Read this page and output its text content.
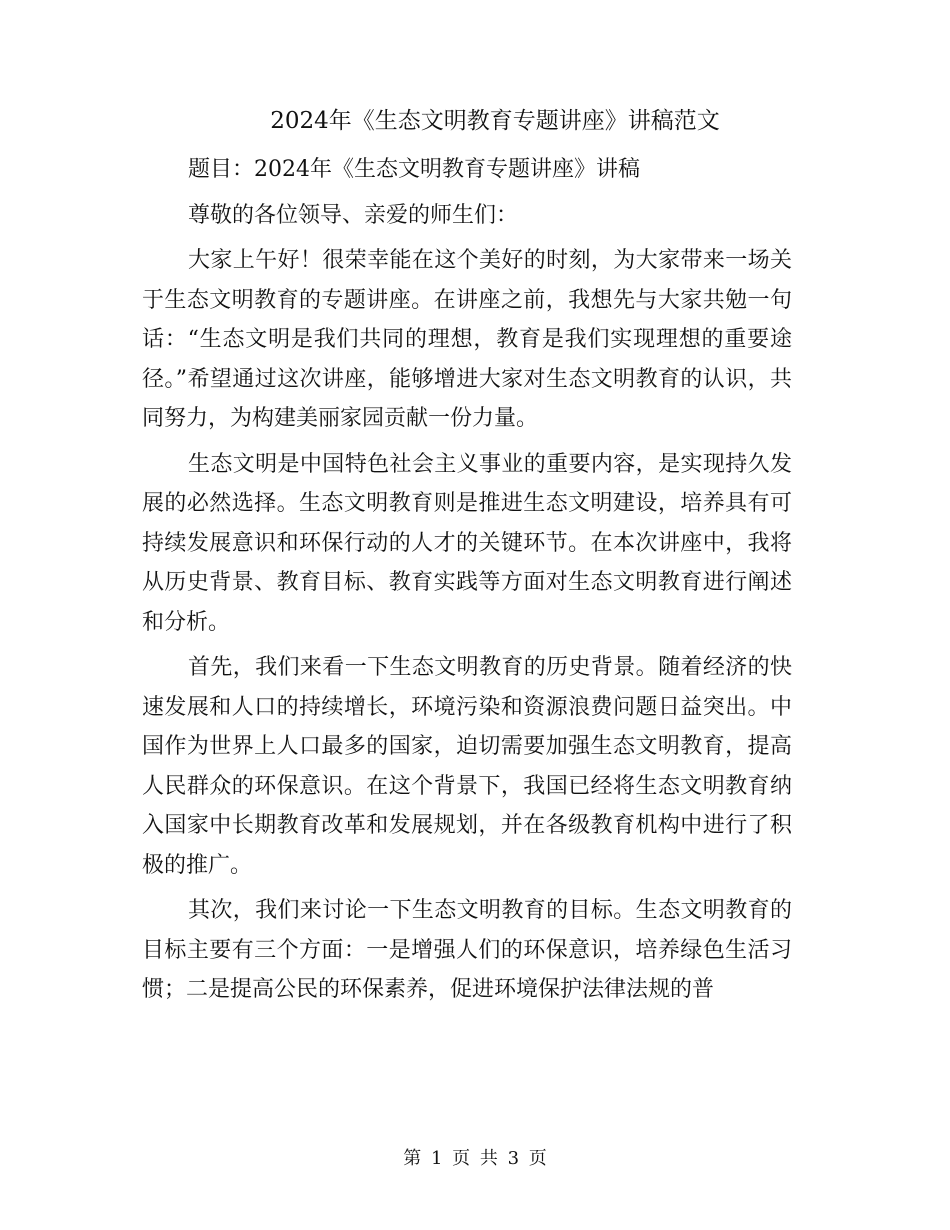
2024年《生态文明教育专题讲座》讲稿范文

题目：2024年《生态文明教育专题讲座》讲稿

尊敬的各位领导、亲爱的师生们：

大家上午好！很荣幸能在这个美好的时刻，为大家带来一场关于生态文明教育的专题讲座。在讲座之前，我想先与大家共勉一句话：“生态文明是我们共同的理想，教育是我们实现理想的重要途径。”希望通过这次讲座，能够增进大家对生态文明教育的认识，共同努力，为构建美丽家园贡献一份力量。

生态文明是中国特色社会主义事业的重要内容，是实现持久发展的必然选择。生态文明教育则是推进生态文明建设，培养具有可持续发展意识和环保行动的人才的关键环节。在本次讲座中，我将从历史背景、教育目标、教育实践等方面对生态文明教育进行阐述和分析。

首先，我们来看一下生态文明教育的历史背景。随着经济的快速发展和人口的持续增长，环境污染和资源浪费问题日益突出。中国作为世界上人口最多的国家，迫切需要加强生态文明教育，提高人民群众的环保意识。在这个背景下，我国已经将生态文明教育纳入国家中长期教育改革和发展规划，并在各级教育机构中进行了积极的推广。

其次，我们来讨论一下生态文明教育的目标。生态文明教育的目标主要有三个方面：一是增强人们的环保意识，培养绿色生活习惯；二是提高公民的环保素养，促进环境保护法律法规的普

第 1 页 共 3 页
